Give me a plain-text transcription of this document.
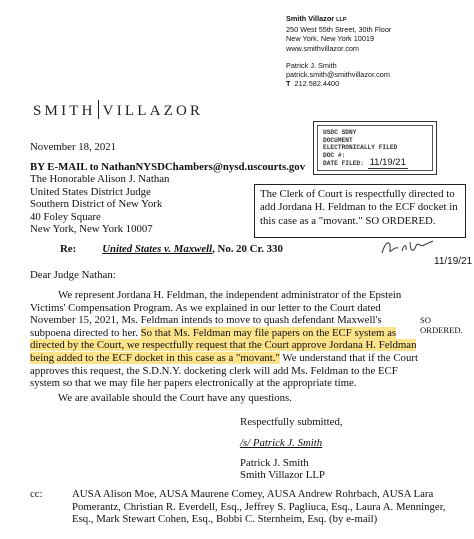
Smith Villazor LLP
250 West 55th Street, 30th Floor
New York, New York 10019
www.smithvillazor.com
Patrick J. Smith
patrick.smith@smithvillazor.com
T 212.582.4400
SMITH VILLAZOR
USDC SDNY
DOCUMENT
ELECTRONICALLY FILED
DOC #:
DATE FILED: 11/19/21
The Clerk of Court is respectfully directed to add Jordana H. Feldman to the ECF docket in this case as a "movant." SO ORDERED.
November 18, 2021
BY E-MAIL to NathanNYSDChambers@nysd.uscourts.gov
The Honorable Alison J. Nathan
United States District Judge
Southern District of New York
40 Foley Square
New York, New York 10007
11/19/21
Re: United States v. Maxwell, No. 20 Cr. 330
Dear Judge Nathan:

We represent Jordana H. Feldman, the independent administrator of the Epstein Victims' Compensation Program. As we explained in our letter to the Court dated November 15, 2021, Ms. Feldman intends to move to quash defendant Maxwell's subpoena directed to her. So that Ms. Feldman may file papers on the ECF system as directed by the Court, we respectfully request that the Court approve Jordana H. Feldman being added to the ECF docket in this case as a "movant." We understand that if the Court approves this request, the S.D.N.Y. docketing clerk will add Ms. Feldman to the ECF system so that we may file her papers electronically at the appropriate time.

SO ORDERED.
We are available should the Court have any questions.
Respectfully submitted,
/s/ Patrick J. Smith
Patrick J. Smith
Smith Villazor LLP
cc:	AUSA Alison Moe, AUSA Maurene Comey, AUSA Andrew Rohrbach, AUSA Lara Pomerantz, Christian R. Everdell, Esq., Jeffrey S. Pagliuca, Esq., Laura A. Menninger, Esq., Mark Stewart Cohen, Esq., Bobbi C. Sternheim, Esq. (by e-mail)
